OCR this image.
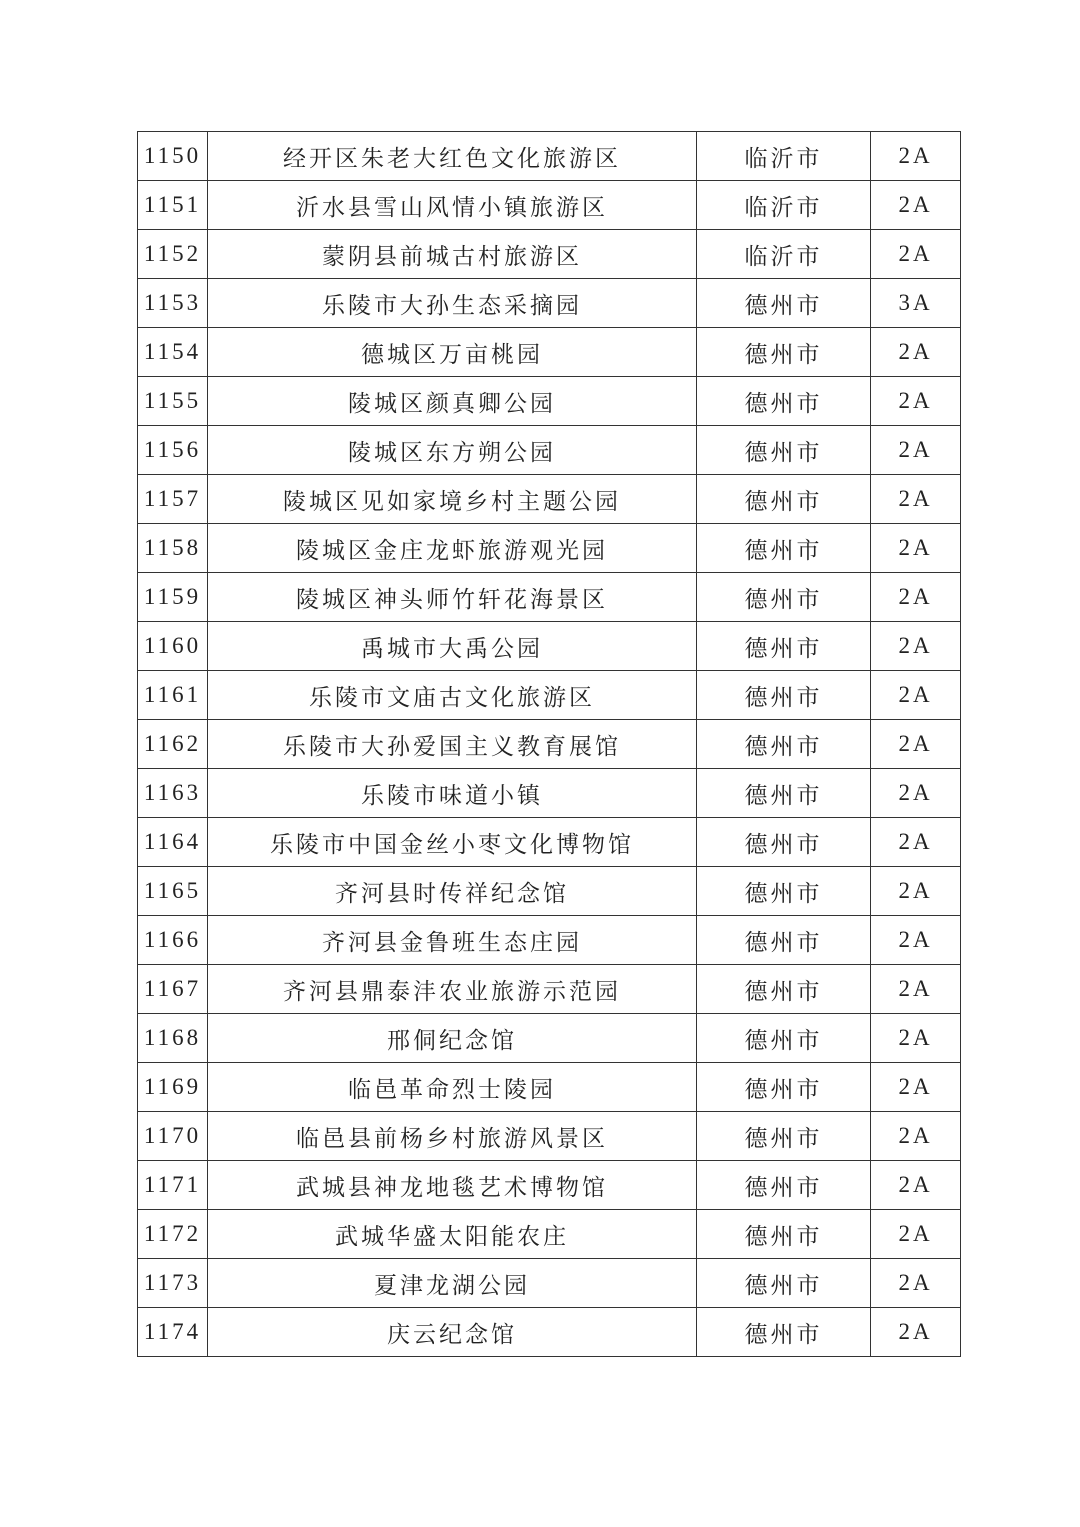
1150	经开区朱老大红色文化旅游区	临沂市	2A
1151	沂水县雪山风情小镇旅游区	临沂市	2A
1152	蒙阴县前城古村旅游区	临沂市	2A
1153	乐陵市大孙生态采摘园	德州市	3A
1154	德城区万亩桃园	德州市	2A
1155	陵城区颜真卿公园	德州市	2A
1156	陵城区东方朔公园	德州市	2A
1157	陵城区见如家境乡村主题公园	德州市	2A
1158	陵城区金庄龙虾旅游观光园	德州市	2A
1159	陵城区神头师竹轩花海景区	德州市	2A
1160	禹城市大禹公园	德州市	2A
1161	乐陵市文庙古文化旅游区	德州市	2A
1162	乐陵市大孙爱国主义教育展馆	德州市	2A
1163	乐陵市味道小镇	德州市	2A
1164	乐陵市中国金丝小枣文化博物馆	德州市	2A
1165	齐河县时传祥纪念馆	德州市	2A
1166	齐河县金鲁班生态庄园	德州市	2A
1167	齐河县鼎泰沣农业旅游示范园	德州市	2A
1168	邢侗纪念馆	德州市	2A
1169	临邑革命烈士陵园	德州市	2A
1170	临邑县前杨乡村旅游风景区	德州市	2A
1171	武城县神龙地毯艺术博物馆	德州市	2A
1172	武城华盛太阳能农庄	德州市	2A
1173	夏津龙湖公园	德州市	2A
1174	庆云纪念馆	德州市	2A
